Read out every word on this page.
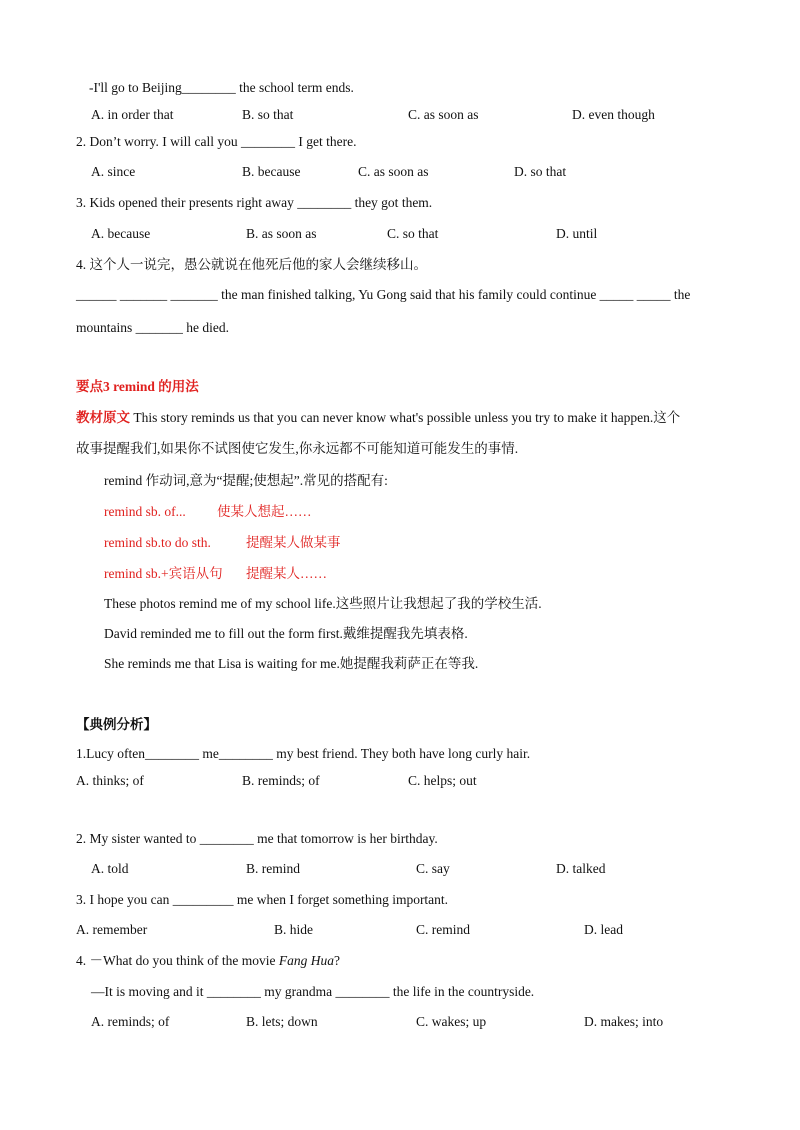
-I'll go to Beijing________ the school term ends.
A. in order that	B. so that	C. as soon as	D. even though
2. Don’t worry. I will call you ________ I get there.
A. since	B. because	C. as soon as	D. so that
3. Kids opened their presents right away ________ they got them.
A. because	B. as soon as	C. so that	D. until
4. 这个人一说完，愚公就说在他死后他的家人会继续移山。
______ _______ _______ the man finished talking, Yu Gong said that his family could continue _____ _____ the
mountains _______ he died.
要点3 remind 的用法
教材原文 This story reminds us that you can never know what's possible unless you try to make it happen.这个
故事提醒我们,如果你不试图使它发生,你永远都不可能知道可能发生的事情.
remind 作动词,意为“提醒;使想起”.常见的搭配有:
remind sb. of... 使某人想起……
remind sb.to do sth.	提醒某人做某事
remind sb.+宾语从句 提醒某人……
These photos remind me of my school life.这些照片让我想起了我的学校生活.
David reminded me to fill out the form first.戴维提醒我先填表格.
She reminds me that Lisa is waiting for me.她提醒我莉萨正在等我.
【典例分析】
1.Lucy often________ me________ my best friend. They both have long curly hair.
A. thinks; of	B. reminds; of	C. helps; out
2. My sister wanted to ________ me that tomorrow is her birthday.
A. told	B. remind	C. say	D. talked
3. I hope you can _________ me when I forget something important.
A. remember	B. hide	C. remind	D. lead
4. －What do you think of the movie Fang Hua?
—It is moving and it ________ my grandma ________ the life in the countryside.
A. reminds; of	B. lets; down	C. wakes; up	D. makes; into
